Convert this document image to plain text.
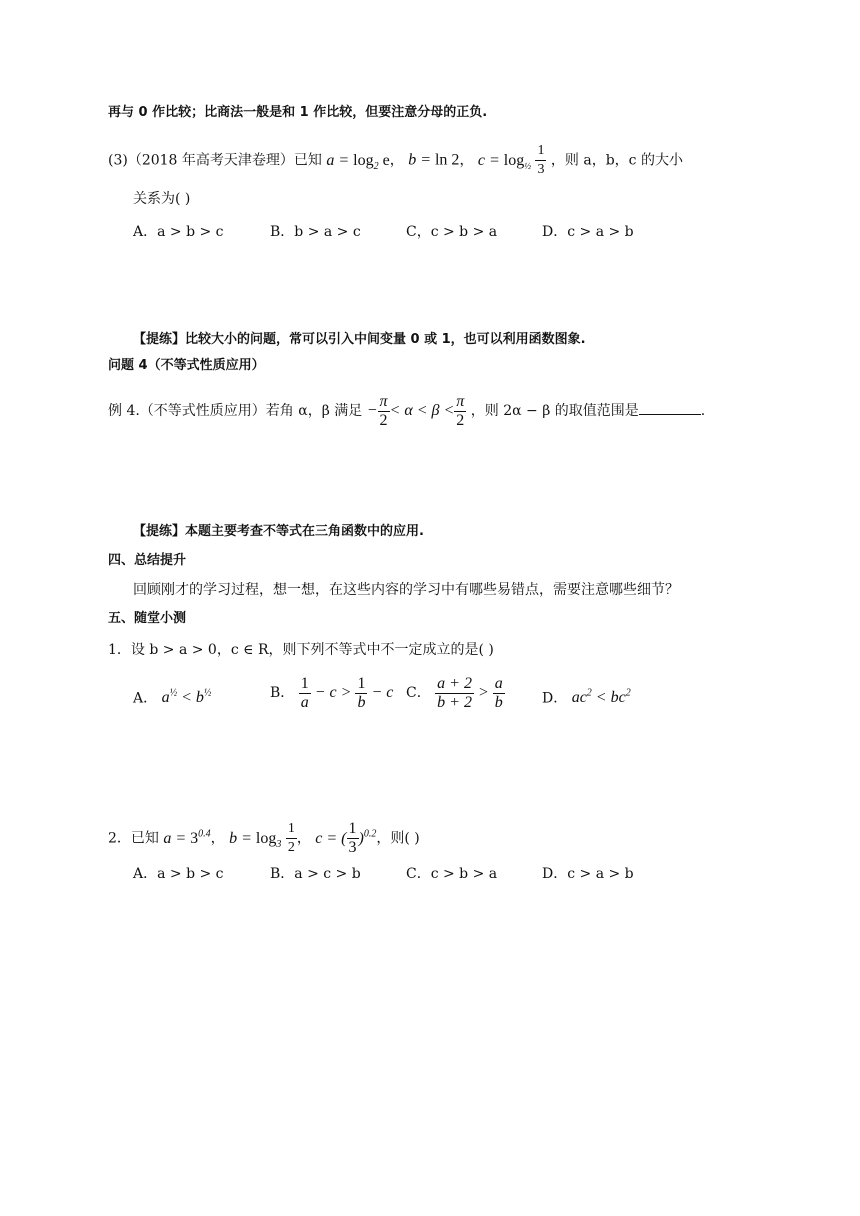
再与 0 作比较；比商法一般是和 1 作比较，但要注意分母的正负.
(3)（2018 年高考天津卷理）已知 $a = \log_2 e$， b = ln 2， $c = \log_{\frac{1}{2}} \frac{1}{3}$ ，则 a，b，c 的大小
关系为( )
A．a > b > c	B．b > a > c	C，c > b > a	D．c > a > b
【提练】比较大小的问题，常可以引入中间变量 0 或 1，也可以利用函数图象.
问题 4（不等式性质应用）
例 4.（不等式性质应用）若角 α，β 满足 − $\frac{\pi}{2} < \alpha < \beta < \frac{\pi}{2}$ ，则 2α − β 的取值范围是	.
【提练】本题主要考查不等式在三角函数中的应用.
四、总结提升
回顾刚才的学习过程，想一想，在这些内容的学习中有哪些易错点，需要注意哪些细节？
五、随堂小测
1．设 b > a > 0，c ∈ R，则下列不等式中不一定成立的是( )
A． $a^{\frac{1}{2}} < b^{\frac{1}{2}}$	B． $\frac{1}{a} - c > \frac{1}{b} - c$ C． $\frac{a + 2}{b + 2} > \frac{a}{b}$	D． $ac^2 < bc^2$
2．已知 $a = 3^{0.4}$， $b = \log_3 \frac{1}{2}$ ， c = ( $\frac{1}{3} )^{0.2}$，则( )
A．a > b > c	B．a > c > b	C．c > b > a	D．c > a > b
